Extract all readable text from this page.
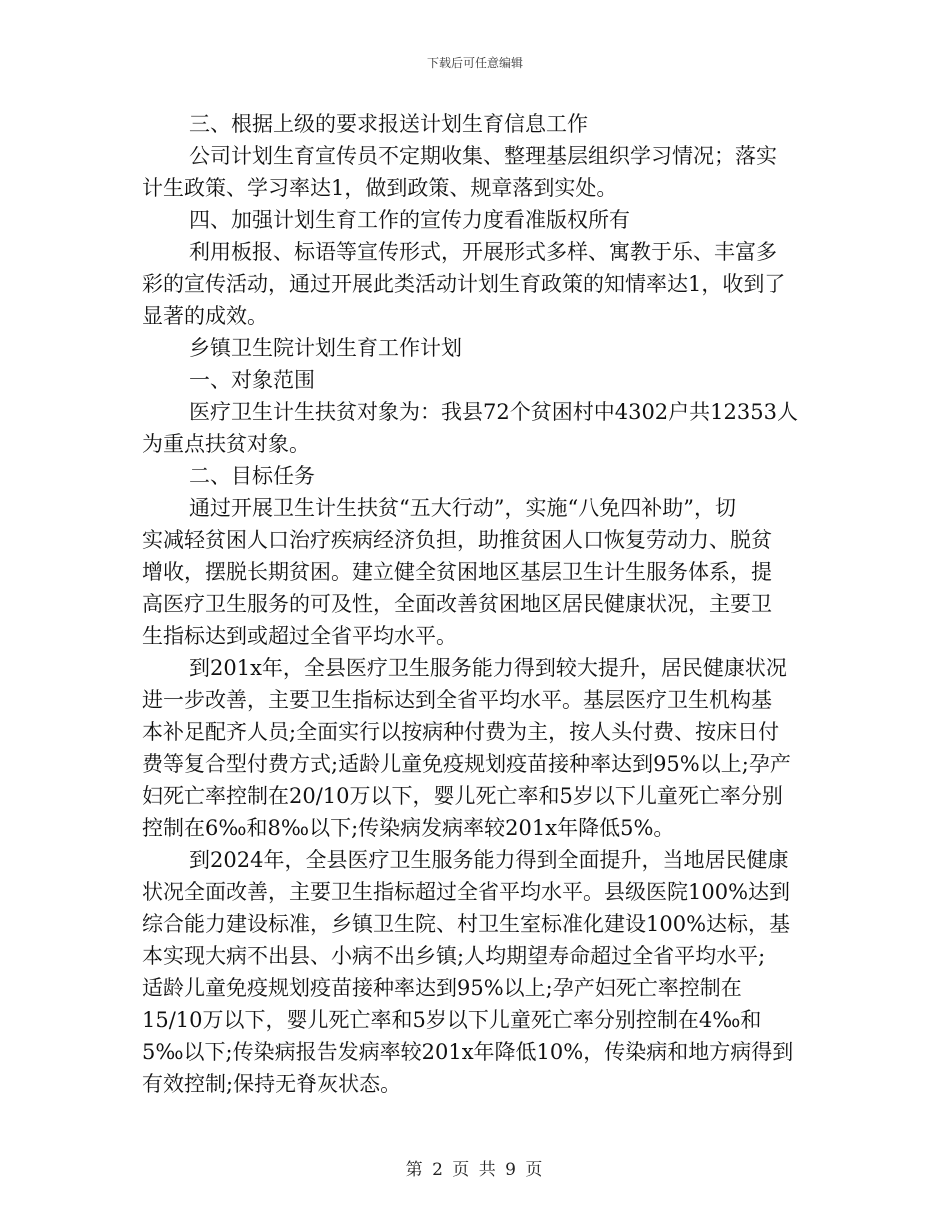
下载后可任意编辑

三、根据上级的要求报送计划生育信息工作

公司计划生育宣传员不定期收集、整理基层组织学习情况；落实

计生政策、学习率达1，做到政策、规章落到实处。

四、加强计划生育工作的宣传力度看准版权所有

利用板报、标语等宣传形式，开展形式多样、寓教于乐、丰富多

彩的宣传活动，通过开展此类活动计划生育政策的知情率达1，收到了

显著的成效。

乡镇卫生院计划生育工作计划

一、对象范围

医疗卫生计生扶贫对象为：我县72个贫困村中4302户共12353人

为重点扶贫对象。

二、目标任务

通过开展卫生计生扶贫“五大行动”，实施“八免四补助”，切

实减轻贫困人口治疗疾病经济负担，助推贫困人口恢复劳动力、脱贫

增收，摆脱长期贫困。建立健全贫困地区基层卫生计生服务体系，提

高医疗卫生服务的可及性，全面改善贫困地区居民健康状况，主要卫

生指标达到或超过全省平均水平。

到201x年，全县医疗卫生服务能力得到较大提升，居民健康状况

进一步改善，主要卫生指标达到全省平均水平。基层医疗卫生机构基

本补足配齐人员;全面实行以按病种付费为主，按人头付费、按床日付

费等复合型付费方式;适龄儿童免疫规划疫苗接种率达到95%以上;孕产

妇死亡率控制在20/10万以下，婴儿死亡率和5岁以下儿童死亡率分别

控制在6‰和8‰以下;传染病发病率较201x年降低5%。

到2024年，全县医疗卫生服务能力得到全面提升，当地居民健康

状况全面改善，主要卫生指标超过全省平均水平。县级医院100%达到

综合能力建设标准，乡镇卫生院、村卫生室标准化建设100%达标，基

本实现大病不出县、小病不出乡镇;人均期望寿命超过全省平均水平;

适龄儿童免疫规划疫苗接种率达到95%以上;孕产妇死亡率控制在

15/10万以下，婴儿死亡率和5岁以下儿童死亡率分别控制在4‰和

5‰以下;传染病报告发病率较201x年降低10%，传染病和地方病得到

有效控制;保持无脊灰状态。

第 2 页 共 9 页
